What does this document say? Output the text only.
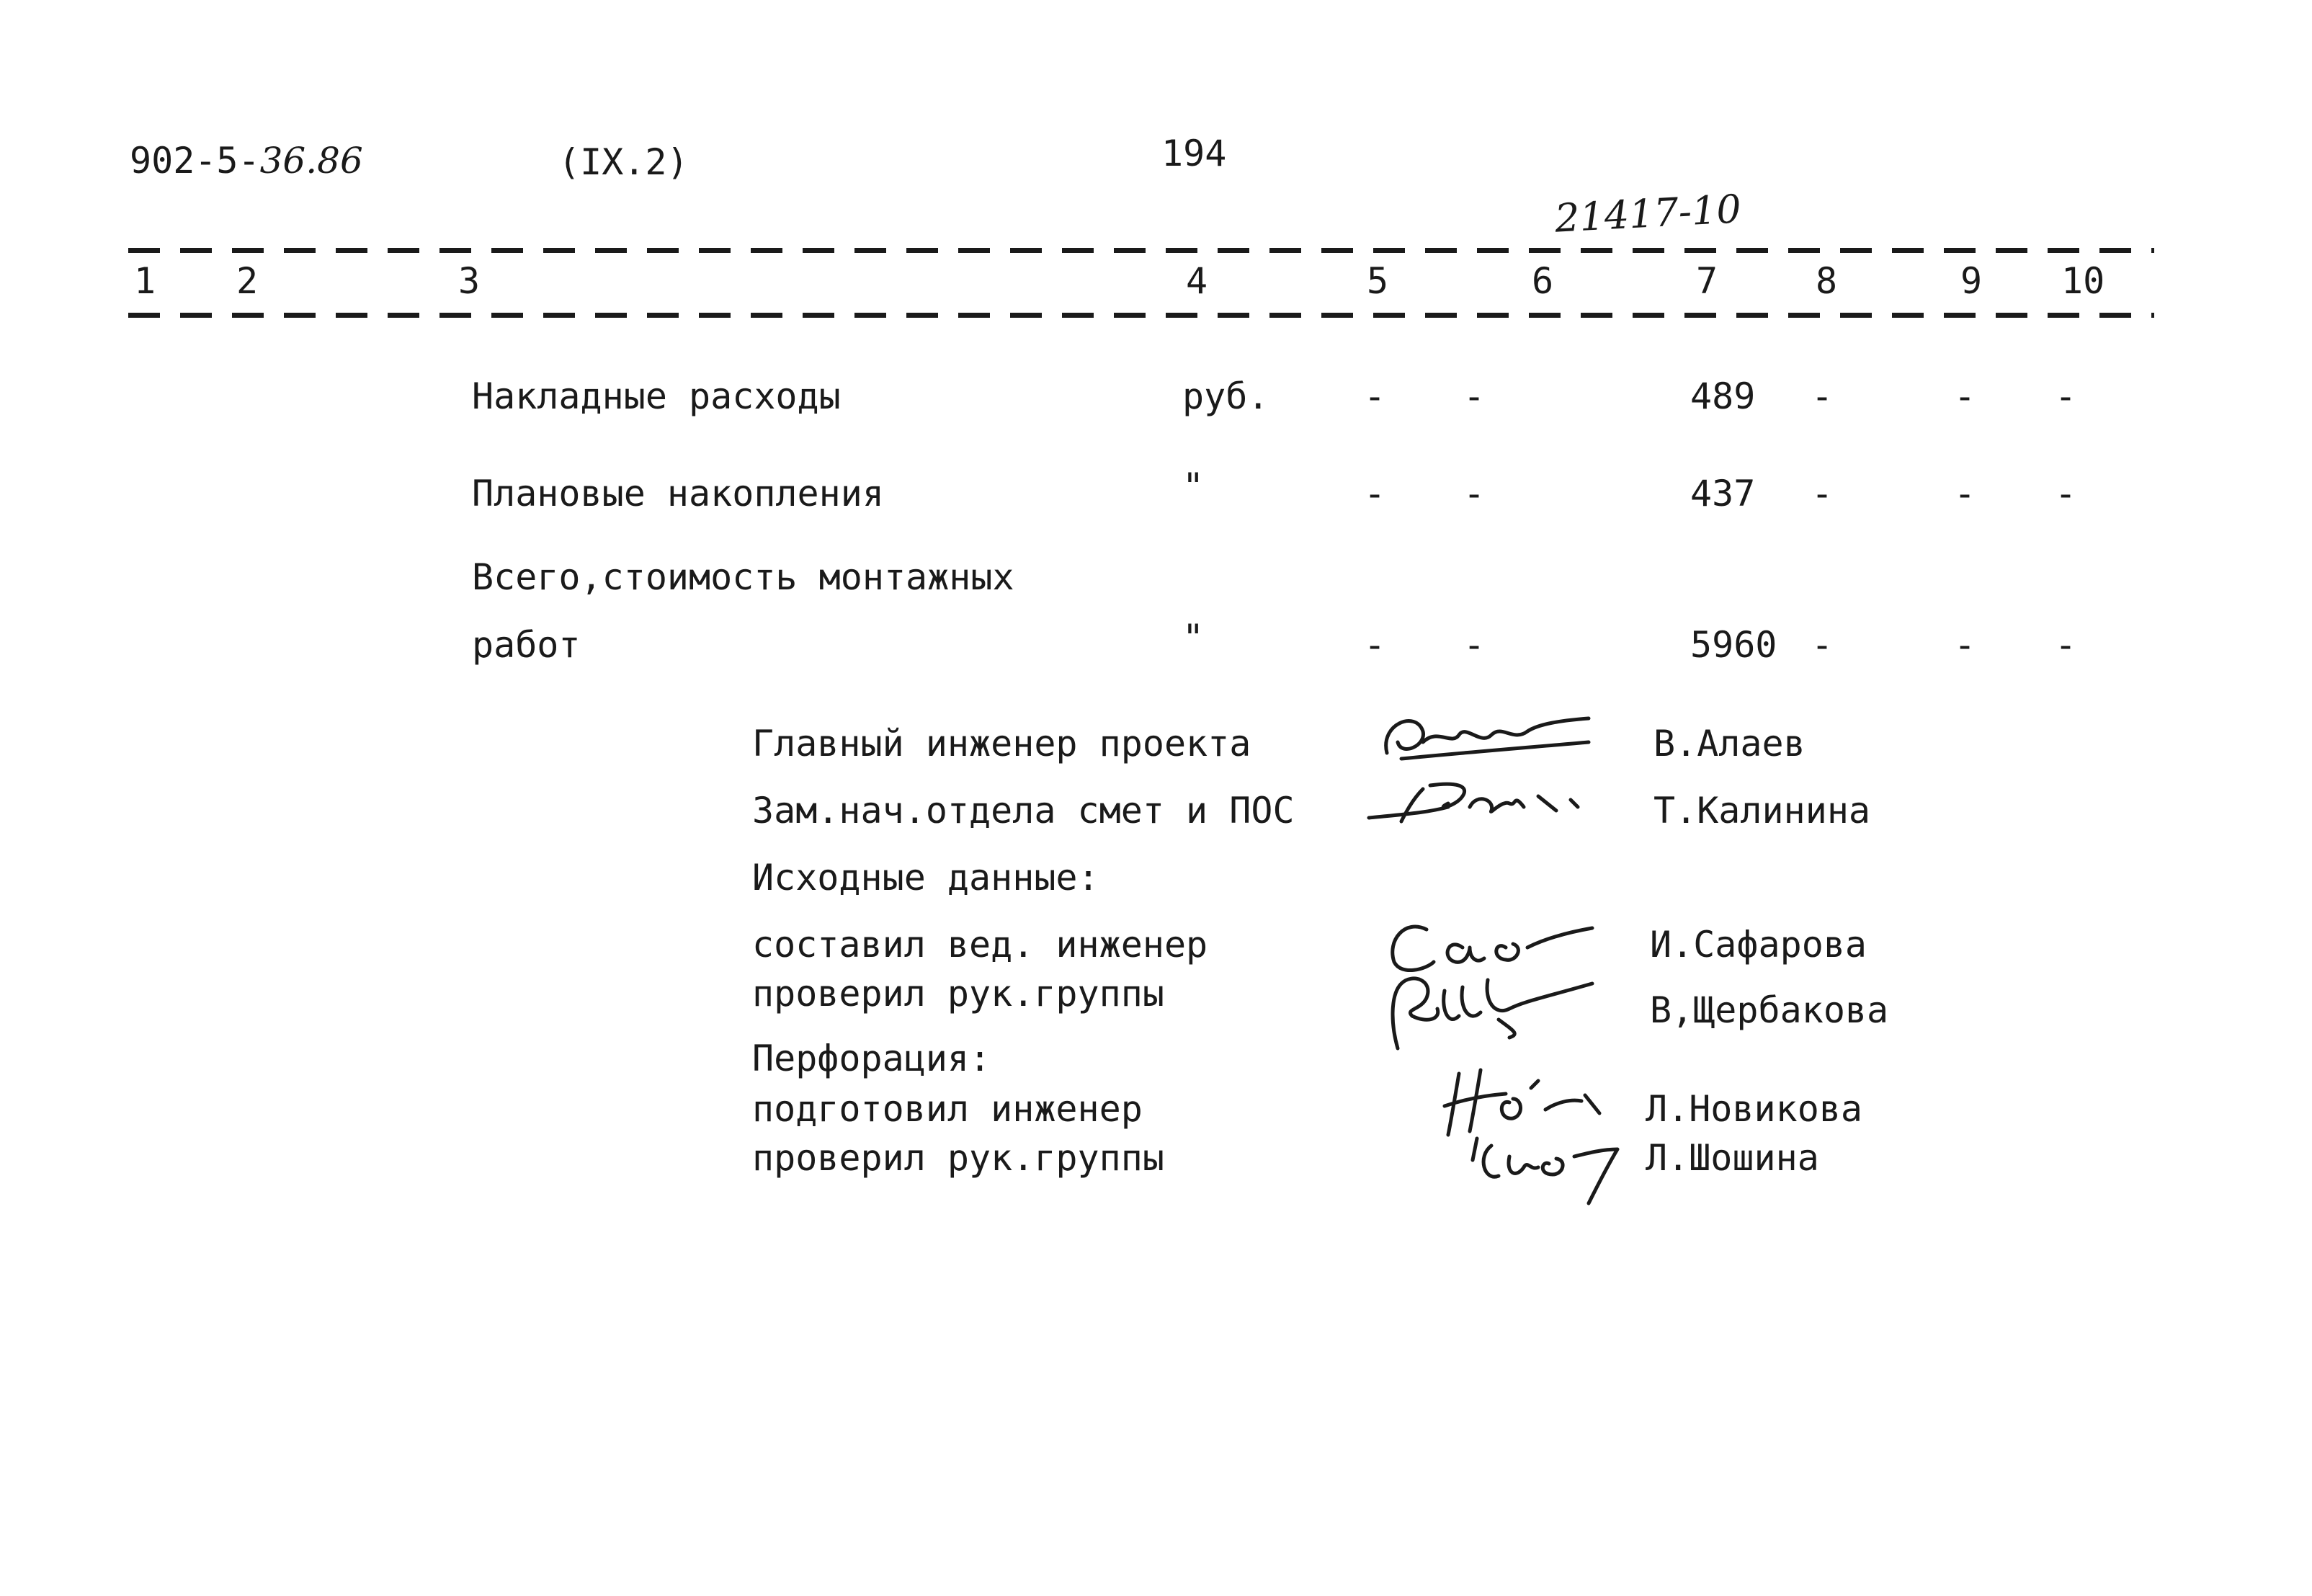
902-5-36.86	(IX.2)	194
21417-10
1 2	3	4	5	6	7	8	9 10
Накладные расходы	руб.	- -	489 -	- -
Плановые накопления	"	- -	437 -	- -
Всего,стоимость монтажных
работ	"	- -	5960 -	- -
Главный инженер проекта	В.Алаев
Зам.нач.отдела смет и ПОС	Т.Калинина
Исходные данные:
составил вед. инженер	И.Сафарова
проверил рук.группы	В,Щербакова
Перфорация:
подготовил инженер	Л.Новикова
проверил рук.группы	Л.Шошина
